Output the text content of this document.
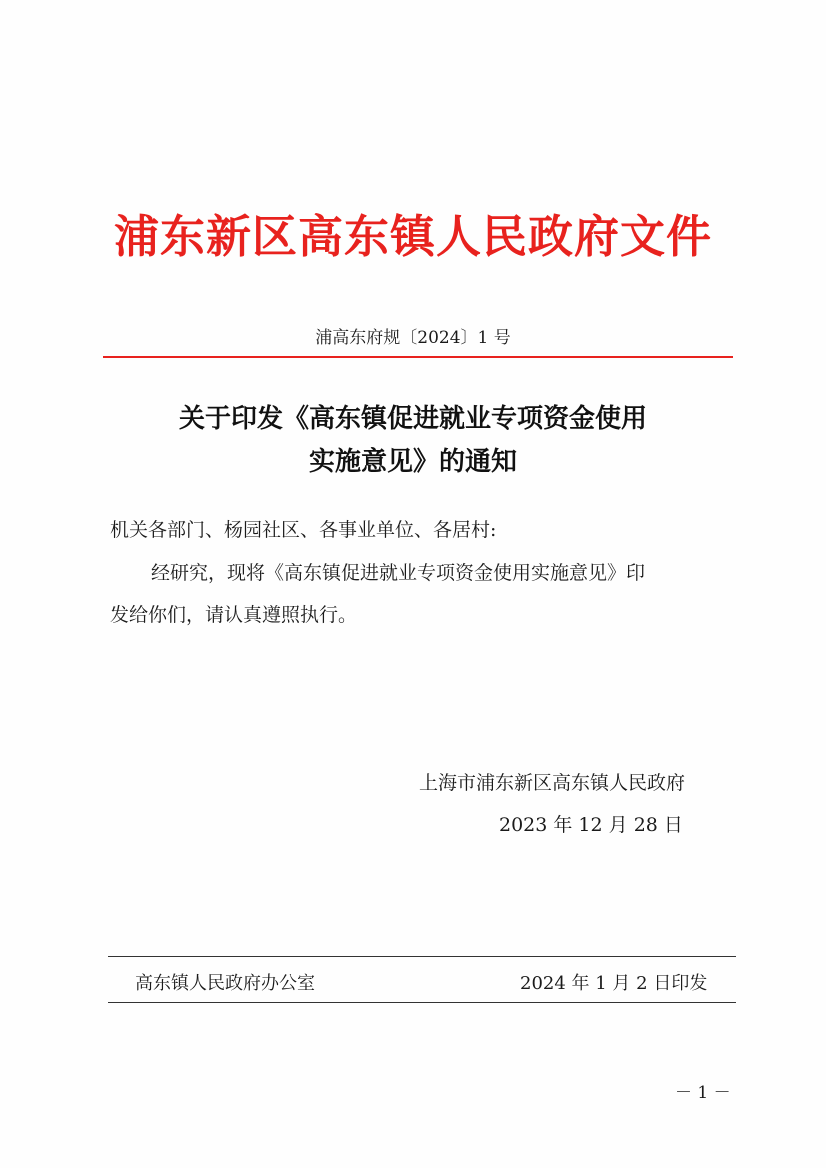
浦东新区高东镇人民政府文件
浦高东府规〔2024〕1 号
关于印发《高东镇促进就业专项资金使用
实施意见》的通知
机关各部门、杨园社区、各事业单位、各居村:
经研究，现将《高东镇促进就业专项资金使用实施意见》印
发给你们，请认真遵照执行。
上海市浦东新区高东镇人民政府
2023 年 12 月 28 日
高东镇人民政府办公室	2024 年 1 月 2 日印发
－ 1 －
